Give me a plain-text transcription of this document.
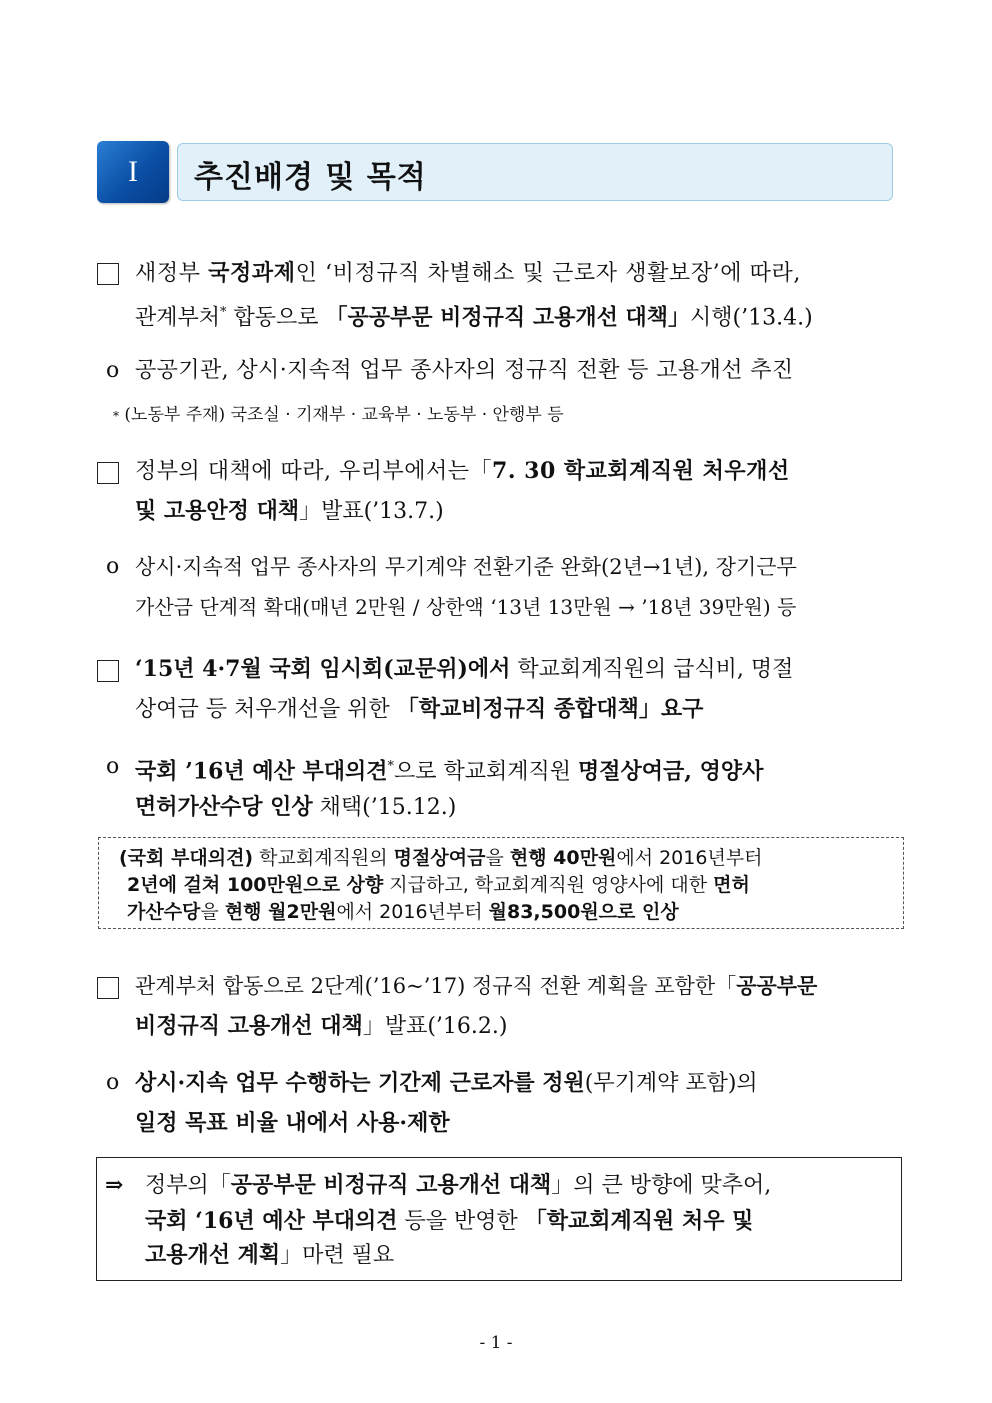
I	추진배경 및 목적
새정부 국정과제인 ‘비정규직 차별해소 및 근로자 생활보장’에 따라,
관계부처* 합동으로 「공공부문 비정규직 고용개선 대책」시행(’13.4.)
o 공공기관, 상시·지속적 업무 종사자의 정규직 전환 등 고용개선 추진
* (노동부 주재) 국조실 · 기재부 · 교육부 · 노동부 · 안행부 등
정부의 대책에 따라, 우리부에서는「7. 30 학교회계직원 처우개선
및 고용안정 대책」발표(’13.7.)
o 상시·지속적 업무 종사자의 무기계약 전환기준 완화(2년→1년), 장기근무
가산금 단계적 확대(매년 2만원 / 상한액 ‘13년 13만원 → ’18년 39만원) 등
‘15년 4·7월 국회 임시회(교문위)에서 학교회계직원의 급식비, 명절
상여금 등 처우개선을 위한 「학교비정규직 종합대책」요구
o 국회 ’16년 예산 부대의견*으로 학교회계직원 명절상여금, 영양사
면허가산수당 인상 채택(’15.12.)
(국회 부대의견) 학교회계직원의 명절상여금을 현행 40만원에서 2016년부터
2년에 걸쳐 100만원으로 상향 지급하고, 학교회계직원 영양사에 대한 면허
가산수당을 현행 월2만원에서 2016년부터 월83,500원으로 인상
관계부처 합동으로 2단계(’16~’17) 정규직 전환 계획을 포함한「공공부문
비정규직 고용개선 대책」발표(’16.2.)
o 상시·지속 업무 수행하는 기간제 근로자를 정원(무기계약 포함)의
일정 목표 비율 내에서 사용·제한
⇒ 정부의「공공부문 비정규직 고용개선 대책」의 큰 방향에 맞추어,
국회 ‘16년 예산 부대의견 등을 반영한 「학교회계직원 처우 및
고용개선 계획」마련 필요
- 1 -
